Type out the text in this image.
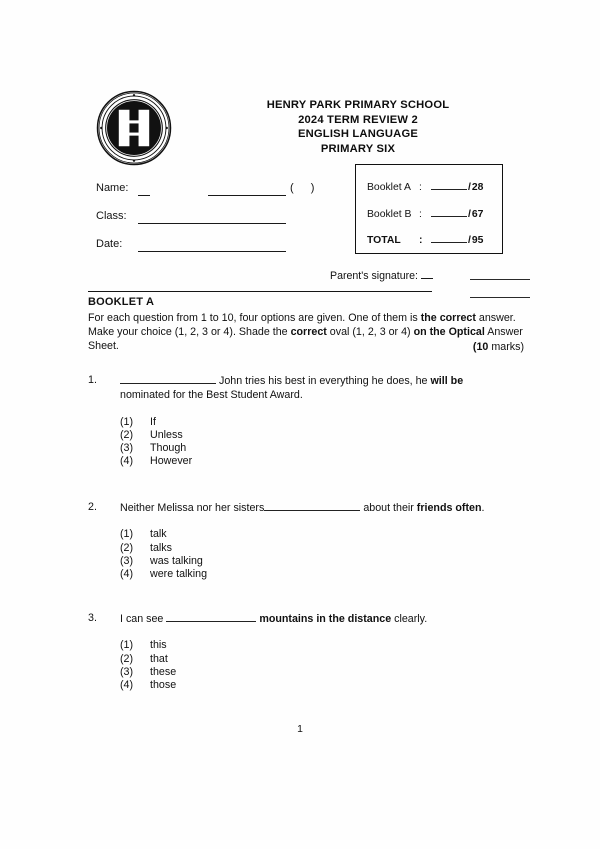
HENRY PARK PRIMARY SCHOOL
2024 TERM REVIEW 2
ENGLISH LANGUAGE
PRIMARY SIX
Name:	( )
Class:
Date:
Booklet A :	/28
Booklet B :	/67
TOTAL :	/95
Parent's signature:
BOOKLET A
For each question from 1 to 10, four options are given. One of them is the correct answer. Make your choice (1, 2, 3 or 4). Shade the correct oval (1, 2, 3 or 4) on the Optical Answer Sheet.	(10 marks)
1.	John tries his best in everything he does, he will be
nominated for the Best Student Award.
(1) If
(2) Unless
(3) Though
(4) However
2. Neither Melissa nor her sisters	about their friends often.
(1) talk
(2) talks
(3) was talking
(4) were talking
3. I can see	mountains in the distance clearly.
(1) this
(2) that
(3) these
(4) those
1
